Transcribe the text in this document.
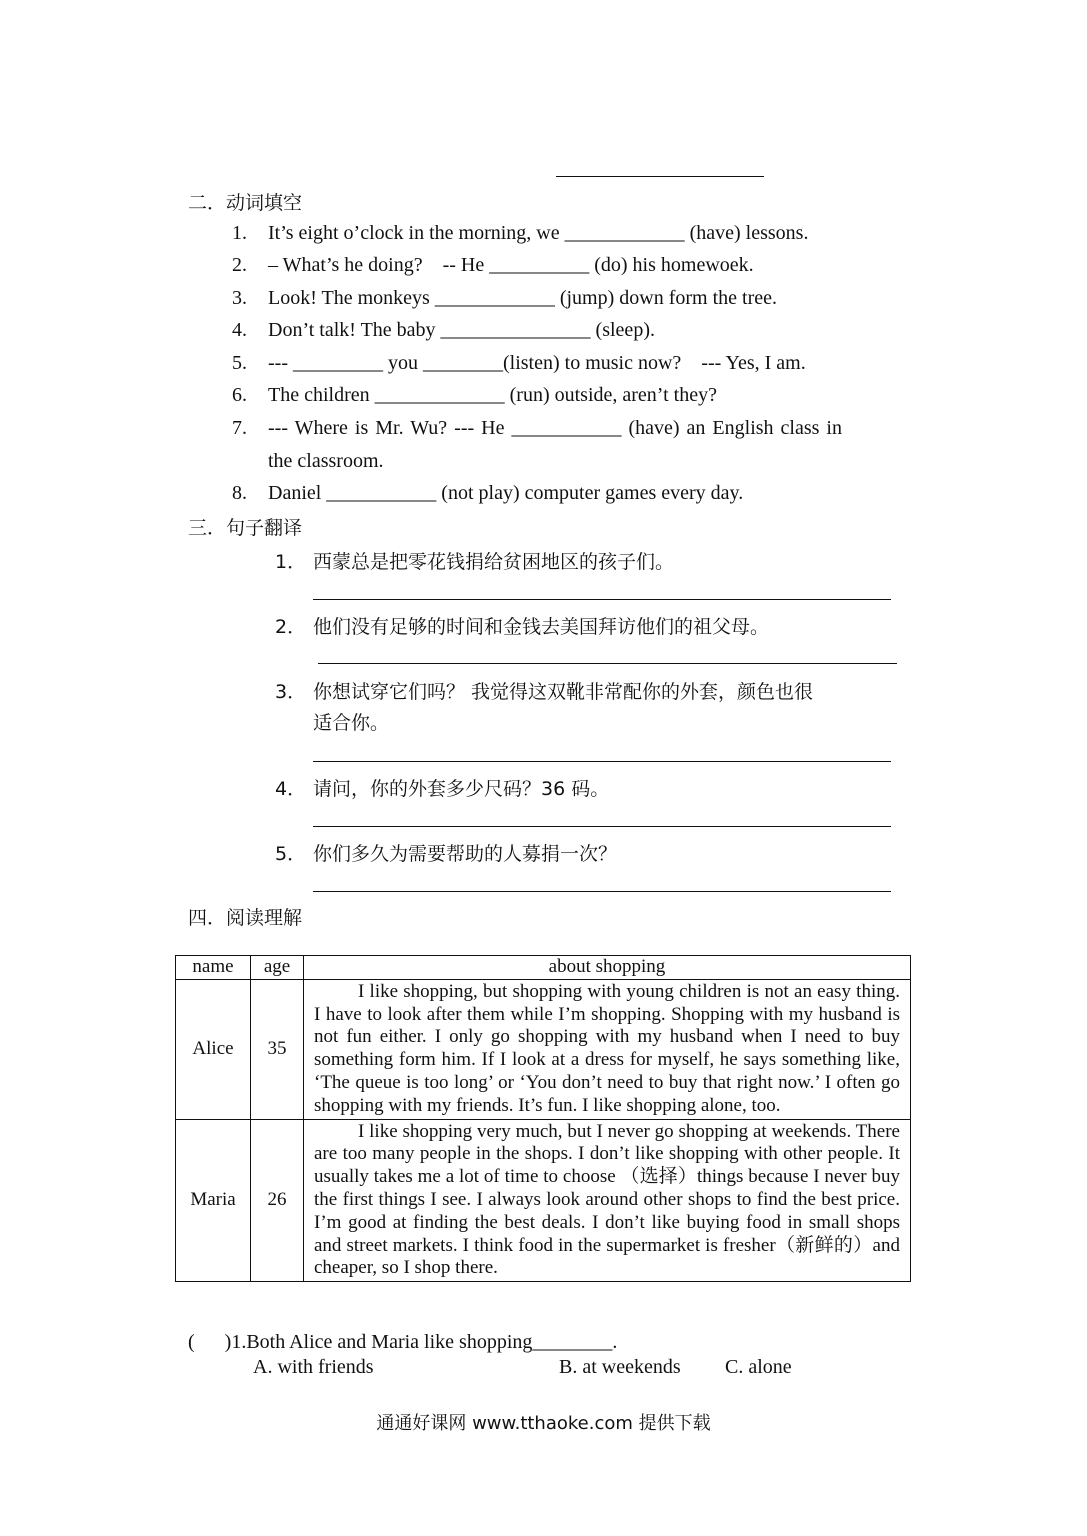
二．动词填空
1. It’s eight o’clock in the morning, we ____________ (have) lessons.
2. – What’s he doing?    -- He __________ (do) his homewoek.
3. Look! The monkeys ____________ (jump) down form the tree.
4. Don’t talk! The baby _______________ (sleep).
5. --- _________ you ________(listen) to music now?    --- Yes, I am.
6. The children _____________ (run) outside, aren’t they?
7. --- Where is Mr. Wu? --- He ___________ (have) an English class in
the classroom.
8. Daniel ___________ (not play) computer games every day.
三．句子翻译
1． 西蒙总是把零花钱捐给贫困地区的孩子们。
2． 他们没有足够的时间和金钱去美国拜访他们的祖父母。
3． 你想试穿它们吗？ 我觉得这双靴非常配你的外套，颜色也很
适合你。
4． 请问，你的外套多少尺码？36 码。
5． 你们多久为需要帮助的人募捐一次？
四．阅读理解
name	age	about shopping
Alice	35	I like shopping, but shopping with young children is not an easy thing. I have to look after them while I’m shopping. Shopping with my husband is not fun either. I only go shopping with my husband when I need to buy something form him. If I look at a dress for myself, he says something like, ‘The queue is too long’ or ‘You don’t need to buy that right now.’ I often go shopping with my friends. It’s fun. I like shopping alone, too.

Maria	26	I like shopping very much, but I never go shopping at weekends. There are too many people in the shops. I don’t like shopping with other people. It usually takes me a lot of time to choose （选择）things because I never buy the first things I see. I always look around other shops to find the best price. I’m good at finding the best deals. I don’t like buying food in small shops and street markets. I think food in the supermarket is fresher（新鲜的）and cheaper, so I shop there.
(      )1.Both Alice and Maria like shopping________.
A. with friends	B. at weekends C. alone
通通好课网 www.tthaoke.com 提供下载
